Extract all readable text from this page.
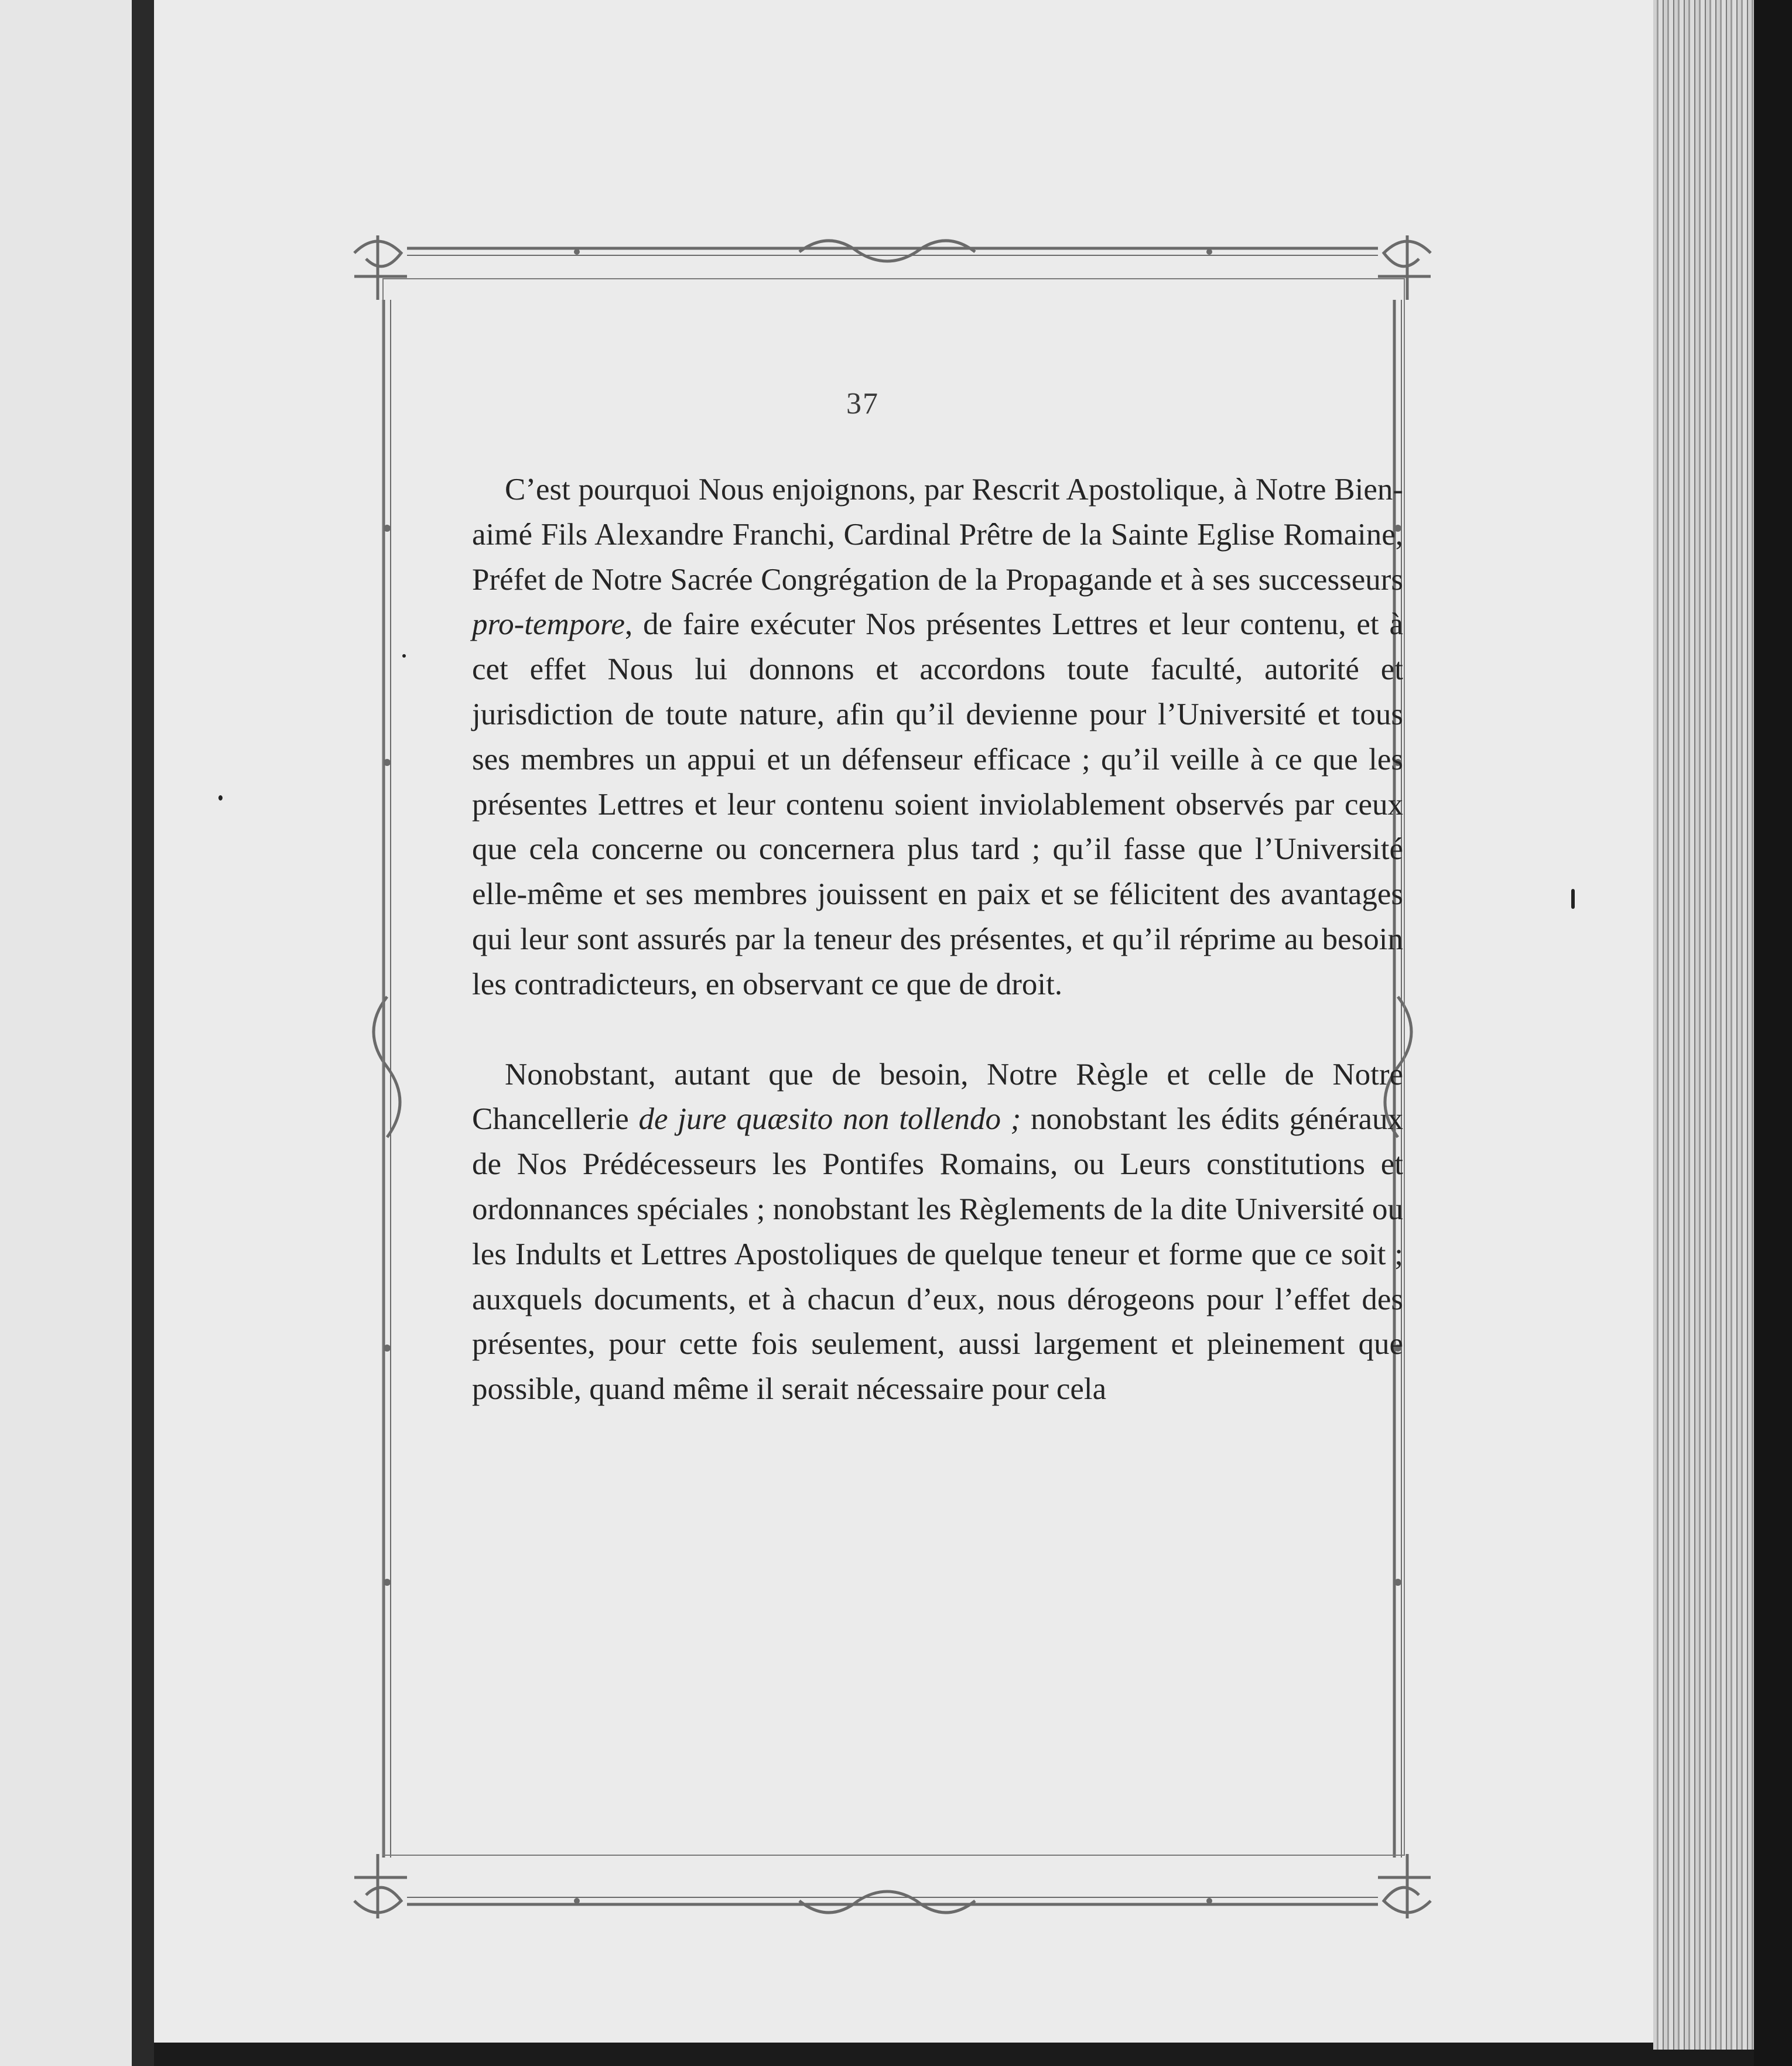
37

C’est pourquoi Nous enjoignons, par Rescrit Apostolique, à Notre Bien-aimé Fils Alexandre Franchi, Cardinal Prêtre de la Sainte Eglise Romaine, Préfet de Notre Sacrée Congrégation de la Propagande et à ses successeurs pro-tempore, de faire exécuter Nos présentes Lettres et leur contenu, et à cet effet Nous lui donnons et accordons toute faculté, autorité et jurisdiction de toute nature, afin qu’il devienne pour l’Université et tous ses membres un appui et un défenseur efficace ; qu’il veille à ce que les présentes Lettres et leur contenu soient inviolablement observés par ceux que cela concerne ou concernera plus tard ; qu’il fasse que l’Université elle-même et ses membres jouissent en paix et se félicitent des avantages qui leur sont assurés par la teneur des présentes, et qu’il réprime au besoin les contradicteurs, en observant ce que de droit.

Nonobstant, autant que de besoin, Notre Règle et celle de Notre Chancellerie de jure quæsito non tollendo ; nonobstant les édits généraux de Nos Prédécesseurs les Pontifes Romains, ou Leurs constitutions et ordonnances spéciales ; nonobstant les Règlements de la dite Université ou les Indults et Lettres Apostoliques de quelque teneur et forme que ce soit ; auxquels documents, et à chacun d’eux, nous dérogeons pour l’effet des présentes, pour cette fois seulement, aussi largement et pleinement que possible, quand même il serait nécessaire pour cela
